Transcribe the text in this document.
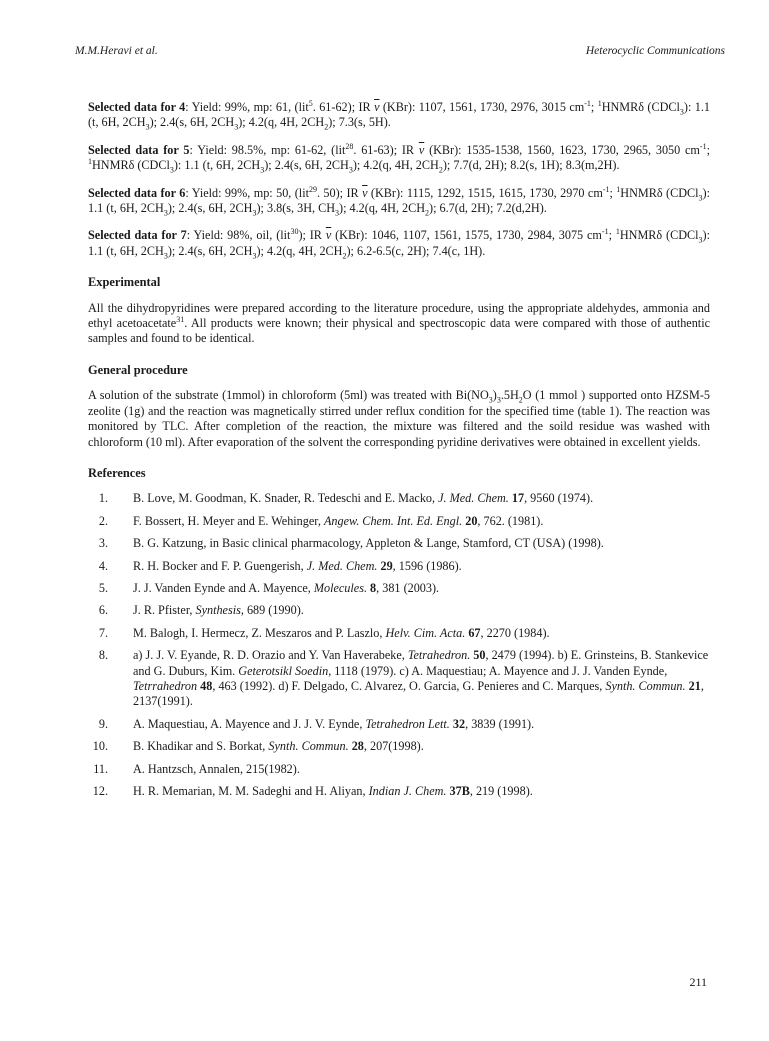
M.M.Heravi et al.	Heterocyclic Communications

Selected data for 4: Yield: 99%, mp: 61, (lit$^5$. 61-62); IR $\overline{\nu}$ (KBr): 1107, 1561, 1730, 2976, 3015 $cm^{-1}$; $^1$HNMRδ (CDCl$_3$): 1.1 (t, 6H, $2CH_3$); 2.4(s, 6H, $2CH_3$); 4.2(q, 4H, $2CH_2$); 7.3(s, 5H).

Selected data for 5: Yield: 98.5%, mp: 61-62, (lit$^{28}$. 61-63); IR $\overline{\nu}$ (KBr): 1535-1538, 1560, 1623, 1730, 2965, 3050 $cm^{-1}$; $^1$HNMRδ (CDCl$_3$): 1.1 (t, 6H, $2CH_3$); 2.4(s, 6H, $2CH_3$); 4.2(q, 4H, $2CH_2$); 7.7(d, 2H); 8.2(s, 1H); 8.3(m,2H).

Selected data for 6: Yield: 99%, mp: 50, (lit$^{29}$. 50); IR $\overline{\nu}$ (KBr): 1115, 1292, 1515, 1615, 1730, 2970 $cm^{-1}$; $^1$HNMRδ (CDCl$_3$): 1.1 (t, 6H, $2CH_3$); 2.4(s, 6H, $2CH_3$); 3.8(s, 3H, $CH_3$); 4.2(q, 4H, $2CH_2$); 6.7(d, 2H); 7.2(d,2H).

Selected data for 7: Yield: 98%, oil, (lit$^{30}$); IR $\overline{\nu}$ (KBr): 1046, 1107, 1561, 1575, 1730, 2984, 3075 $cm^{-1}$; $^1$HNMRδ (CDCl$_3$): 1.1 (t, 6H, $2CH_3$); 2.4(s, 6H, $2CH_3$); 4.2(q, 4H, $2CH_2$); 6.2-6.5(c, 2H); 7.4(c, 1H).

Experimental

All the dihydropyridines were prepared according to the literature procedure, using the appropriate aldehydes, ammonia and ethyl acetoacetate$^{31}$. All products were known; their physical and spectroscopic data were compared with those of authentic samples and found to be identical.

General procedure

A solution of the substrate (1mmol) in chloroform (5ml) was treated with $Bi(NO_3)_3.5H_2O$ (1 mmol ) supported onto HZSM-5 zeolite (1g) and the reaction was magnetically stirred under reflux condition for the specified time (table 1). The reaction was monitored by TLC. After completion of the reaction, the mixture was filtered and the soild residue was washed with chloroform (10 ml). After evaporation of the solvent the corresponding pyridine derivatives were obtained in excellent yields.

References
1. B. Love, M. Goodman, K. Snader, R. Tedeschi and E. Macko, J. Med. Chem. 17, 9560 (1974).
2. F. Bossert, H. Meyer and E. Wehinger, Angew. Chem. Int. Ed. Engl. 20, 762. (1981).
3. B. G. Katzung, in Basic clinical pharmacology, Appleton & Lange, Stamford, CT (USA) (1998).
4. R. H. Bocker and F. P. Guengerish, J. Med. Chem. 29, 1596 (1986).
5. J. J. Vanden Eynde and A. Mayence, Molecules. 8, 381 (2003).
6. J. R. Pfister, Synthesis, 689 (1990).
7. M. Balogh, I. Hermecz, Z. Meszaros and P. Laszlo, Helv. Cim. Acta. 67, 2270 (1984).
8. a) J. J. V. Eyande, R. D. Orazio and Y. Van Haverabeke, Tetrahedron. 50, 2479 (1994). b) E. Grinsteins, B. Stankevice and G. Duburs, Kim. Geterotsikl Soedin, 1118 (1979). c) A. Maquestiau; A. Mayence and J. J. Vanden Eynde, Tetrrahedron 48, 463 (1992). d) F. Delgado, C. Alvarez, O. Garcia, G. Penieres and C. Marques, Synth. Commun. 21, 2137(1991).
9. A. Maquestiau, A. Mayence and J. J. V. Eynde, Tetrahedron Lett. 32, 3839 (1991).
10. B. Khadikar and S. Borkat, Synth. Commun. 28, 207(1998).
11. A. Hantzsch, Annalen, 215(1982).
12. H. R. Memarian, M. M. Sadeghi and H. Aliyan, Indian J. Chem. 37B, 219 (1998).
211
